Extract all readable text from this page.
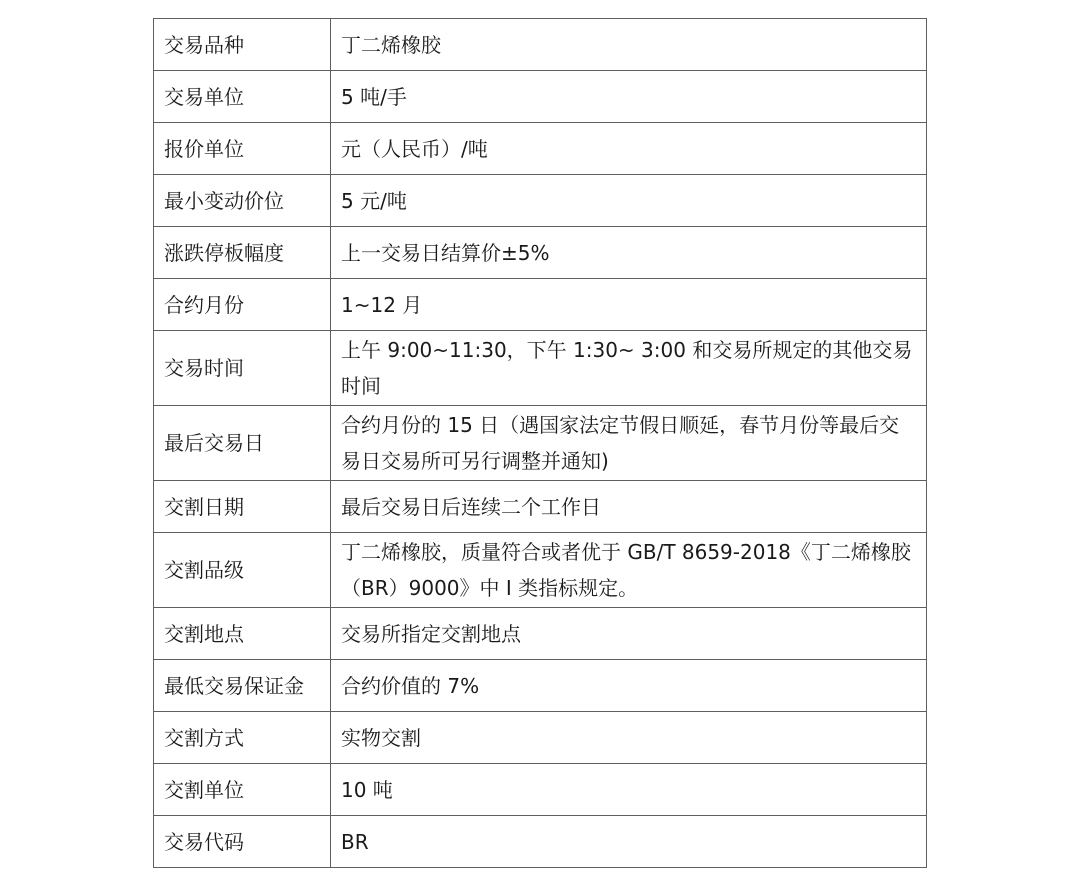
交易品种	丁二烯橡胶
交易单位	5 吨/手
报价单位	元（人民币）/吨
最小变动价位	5 元/吨
涨跌停板幅度	上一交易日结算价±5%
合约月份	1~12 月
交易时间	上午 9:00~11:30，下午 1:30~ 3:00 和交易所规定的其他交易时间
最后交易日	合约月份的 15 日（遇国家法定节假日顺延，春节月份等最后交易日交易所可另行调整并通知)
交割日期	最后交易日后连续二个工作日
交割品级	丁二烯橡胶，质量符合或者优于 GB/T 8659-2018《丁二烯橡胶（BR）9000》中 I 类指标规定。
交割地点	交易所指定交割地点
最低交易保证金	合约价值的 7%
交割方式	实物交割
交割单位	10 吨
交易代码	BR
